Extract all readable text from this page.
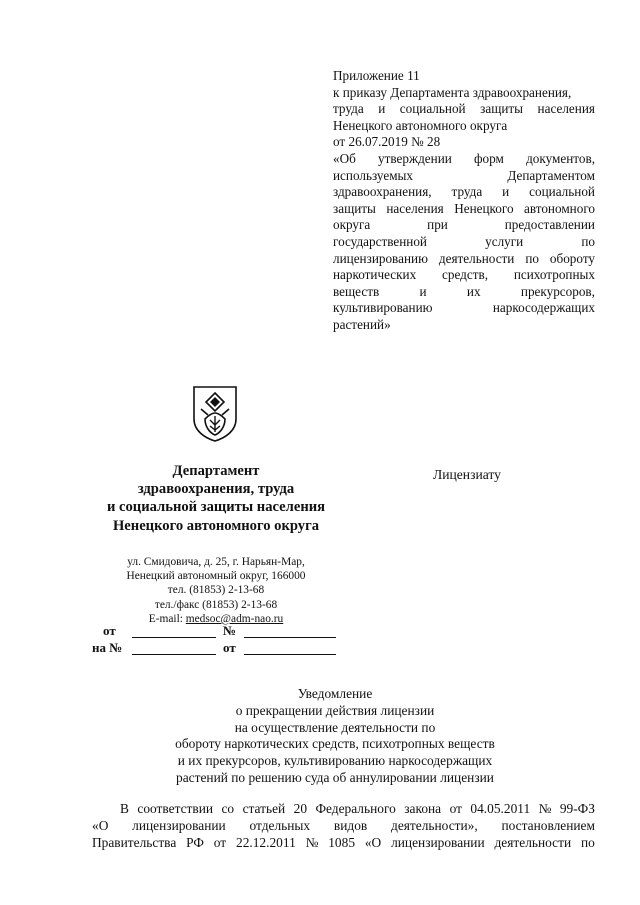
Приложение 11
к приказу Департамента здравоохранения,
труда и социальной защиты населения
Ненецкого автономного округа
от 26.07.2019 № 28
«Об утверждении форм документов,
используемых	Департаментом
здравоохранения, труда и социальной
защиты населения Ненецкого автономного
округа	при	предоставлении
государственной	услуги	по
лицензированию деятельности по обороту
наркотических средств, психотропных
веществ	и	их	прекурсоров,
культивированию	наркосодержащих
растений»
Департамент
здравоохранения, труда
и социальной защиты населения
Ненецкого автономного округа
ул. Смидовича, д. 25, г. Нарьян-Мар,
Ненецкий автономный округ, 166000
тел. (81853) 2-13-68
тел./факс (81853) 2-13-68
E-mail: medsoc@adm-nao.ru
от	№
на №	от
Лицензиату
Уведомление
о прекращении действия лицензии
на осуществление деятельности по
обороту наркотических средств, психотропных веществ
и их прекурсоров, культивированию наркосодержащих
растений по решению суда об аннулировании лицензии
В соответствии со статьей 20 Федерального закона от 04.05.2011 № 99-ФЗ
«О лицензировании отдельных видов деятельности», постановлением
Правительства РФ от 22.12.2011 № 1085 «О лицензировании деятельности по
